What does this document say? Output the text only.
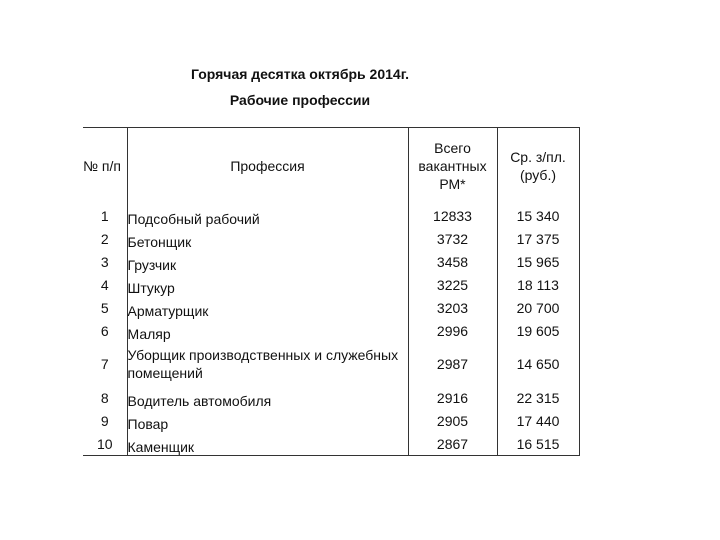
Горячая десятка октябрь 2014г.
Рабочие профессии
№ п/п	Профессия	Всего вакантных РМ*	Ср. з/пл. (руб.)
1	Подсобный рабочий	12833	15 340
2	Бетонщик	3732	17 375
3	Грузчик	3458	15 965
4	Штукур	3225	18 113
5	Арматурщик	3203	20 700
6	Маляр	2996	19 605
7	Уборщик производственных и служебных помещений	2987	14 650
8	Водитель автомобиля	2916	22 315
9	Повар	2905	17 440
10	Каменщик	2867	16 515
